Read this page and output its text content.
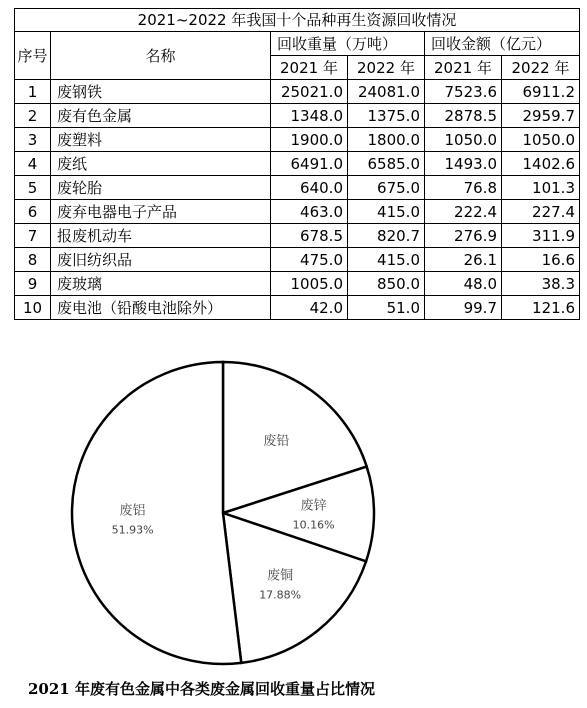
2021~2022 年我国十个品种再生资源回收情况					
序号	名称	回收重量（万吨）		回收金额（亿元）	
		2021 年	2022 年	2021 年	2022 年
1	废钢铁	25021.0	24081.0	7523.6	6911.2
2	废有色金属	1348.0	1375.0	2878.5	2959.7
3	废塑料	1900.0	1800.0	1050.0	1050.0
4	废纸	6491.0	6585.0	1493.0	1402.6
5	废轮胎	640.0	675.0	76.8	101.3
6	废弃电器电子产品	463.0	415.0	222.4	227.4
7	报废机动车	678.5	820.7	276.9	311.9
8	废旧纺织品	475.0	415.0	26.1	16.6
9	废玻璃	1005.0	850.0	48.0	38.3
10	废电池（铅酸电池除外）	42.0	51.0	99.7	121.6
废铅
废锌
10.16%
废铜
17.88%
废铝
51.93%
2021 年废有色金属中各类废金属回收重量占比情况
